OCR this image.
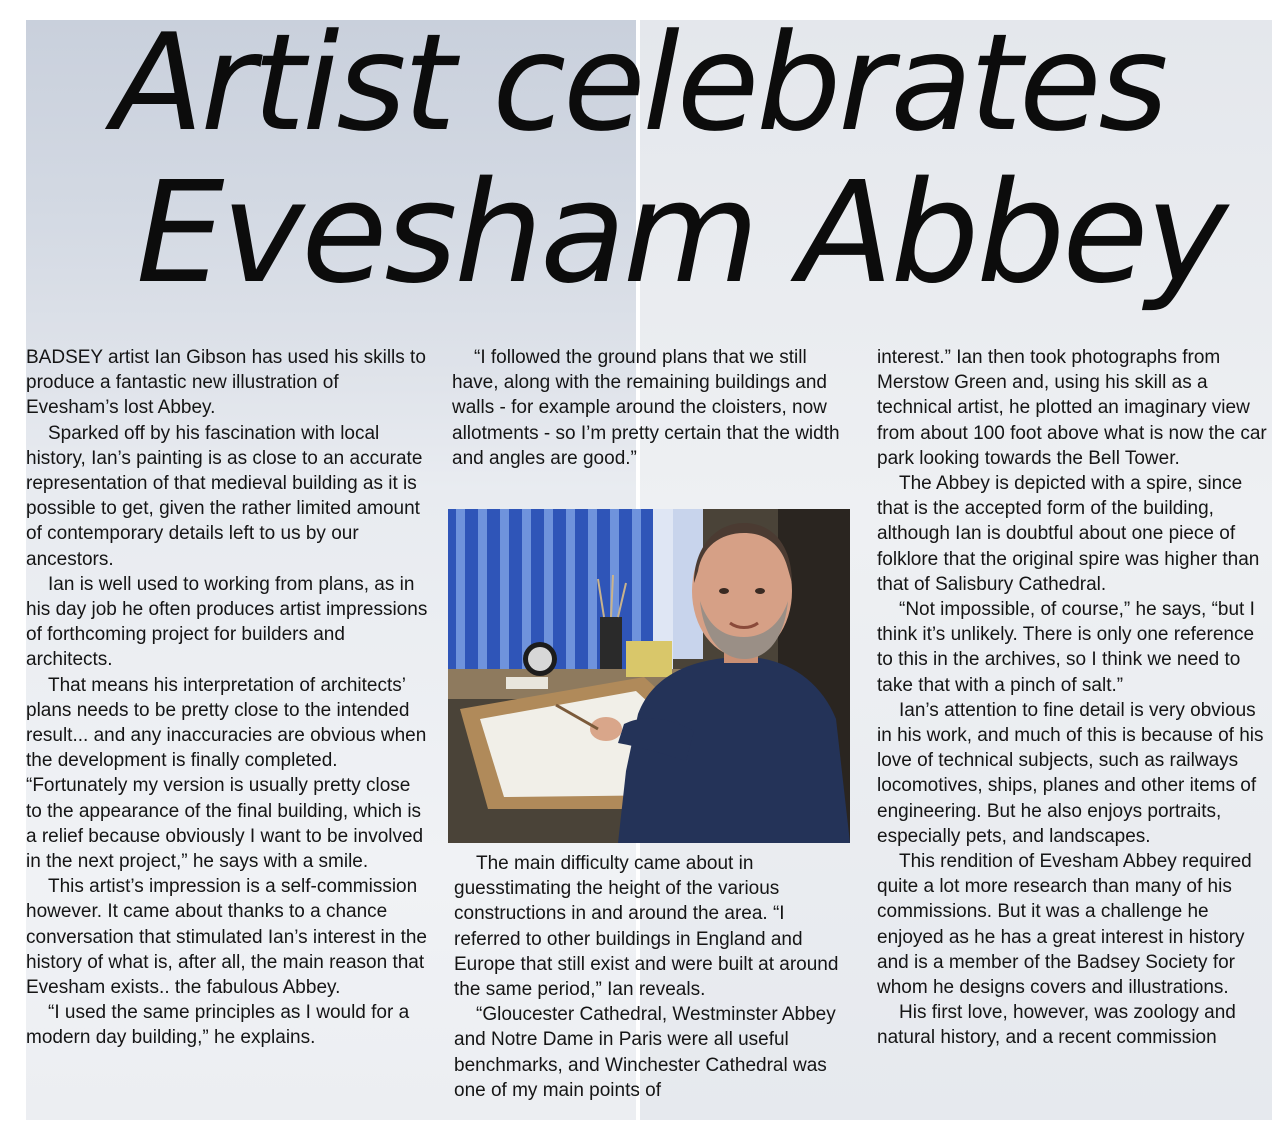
Artist celebrates
Evesham Abbey

BADSEY artist Ian Gibson has used his skills to produce a fantastic new illustration of Evesham’s lost Abbey.

Sparked off by his fascination with local history, Ian’s painting is as close to an accurate representation of that medieval building as it is possible to get, given the rather limited amount of contemporary details left to us by our ancestors.

Ian is well used to working from plans, as in his day job he often produces artist impressions of forthcoming project for builders and architects.

That means his interpretation of architects’ plans needs to be pretty close to the intended result... and any inaccuracies are obvious when the development is finally completed. “Fortunately my version is usually pretty close to the appearance of the final building, which is a relief because obviously I want to be involved in the next project,” he says with a smile.

This artist’s impression is a self-commission however. It came about thanks to a chance conversation that stimulated Ian’s interest in the history of what is, after all, the main reason that Evesham exists.. the fabulous Abbey.

“I used the same principles as I would for a modern day building,” he explains.

“I followed the ground plans that we still have, along with the remaining buildings and walls - for example around the cloisters, now allotments - so I’m pretty certain that the width and angles are good.”

The main difficulty came about in guesstimating the height of the various constructions in and around the area. “I referred to other buildings in England and Europe that still exist and were built at around the same period,” Ian reveals.

“Gloucester Cathedral, Westminster Abbey and Notre Dame in Paris were all useful benchmarks, and Winchester Cathedral was one of my main points of

interest.” Ian then took photographs from Merstow Green and, using his skill as a technical artist, he plotted an imaginary view from about 100 foot above what is now the car park looking towards the Bell Tower.

The Abbey is depicted with a spire, since that is the accepted form of the building, although Ian is doubtful about one piece of folklore that the original spire was higher than that of Salisbury Cathedral.

“Not impossible, of course,” he says, “but I think it’s unlikely. There is only one reference to this in the archives, so I think we need to take that with a pinch of salt.”

Ian’s attention to fine detail is very obvious in his work, and much of this is because of his love of technical subjects, such as railways locomotives, ships, planes and other items of engineering. But he also enjoys portraits, especially pets, and landscapes.

This rendition of Evesham Abbey required quite a lot more research than many of his commissions. But it was a challenge he enjoyed as he has a great interest in history and is a member of the Badsey Society for whom he designs covers and illustrations.

His first love, however, was zoology and natural history, and a recent commission
